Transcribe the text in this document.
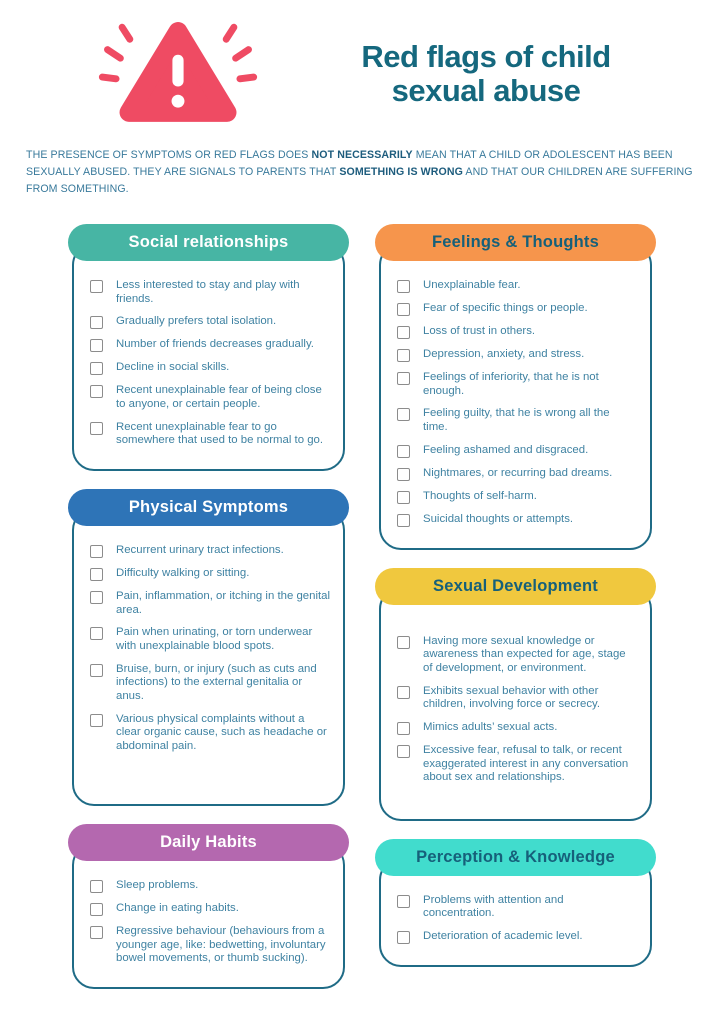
Red flags of child
sexual abuse

THE PRESENCE OF SYMPTOMS OR RED FLAGS DOES NOT NECESSARILY MEAN THAT A CHILD OR ADOLESCENT HAS BEEN SEXUALLY ABUSED. THEY ARE SIGNALS TO PARENTS THAT SOMETHING IS WRONG AND THAT OUR CHILDREN ARE SUFFERING FROM SOMETHING.

Social relationships
Less interested to stay and play with friends.
Gradually prefers total isolation.
Number of friends decreases gradually.
Decline in social skills.
Recent unexplainable fear of being close to anyone, or certain people.
Recent unexplainable fear to go somewhere that used to be normal to go.
Physical Symptoms
Recurrent urinary tract infections.
Difficulty walking or sitting.
Pain, inflammation, or itching in the genital area.
Pain when urinating, or torn underwear with unexplainable blood spots.
Bruise, burn, or injury (such as cuts and infections) to the external genitalia or anus.
Various physical complaints without a clear organic cause, such as headache or abdominal pain.
Daily Habits
Sleep problems.
Change in eating habits.
Regressive behaviour (behaviours from a younger age, like: bedwetting, involuntary bowel movements, or thumb sucking).
Feelings & Thoughts
Unexplainable fear.
Fear of specific things or people.
Loss of trust in others.
Depression, anxiety, and stress.
Feelings of inferiority, that he is not enough.
Feeling guilty, that he is wrong all the time.
Feeling ashamed and disgraced.
Nightmares, or recurring bad dreams.
Thoughts of self-harm.
Suicidal thoughts or attempts.
Sexual Development
Having more sexual knowledge or awareness than expected for age, stage of development, or environment.
Exhibits sexual behavior with other children, involving force or secrecy.
Mimics adults’ sexual acts.
Excessive fear, refusal to talk, or recent exaggerated interest in any conversation about sex and relationships.
Perception & Knowledge
Problems with attention and concentration.
Deterioration of academic level.
